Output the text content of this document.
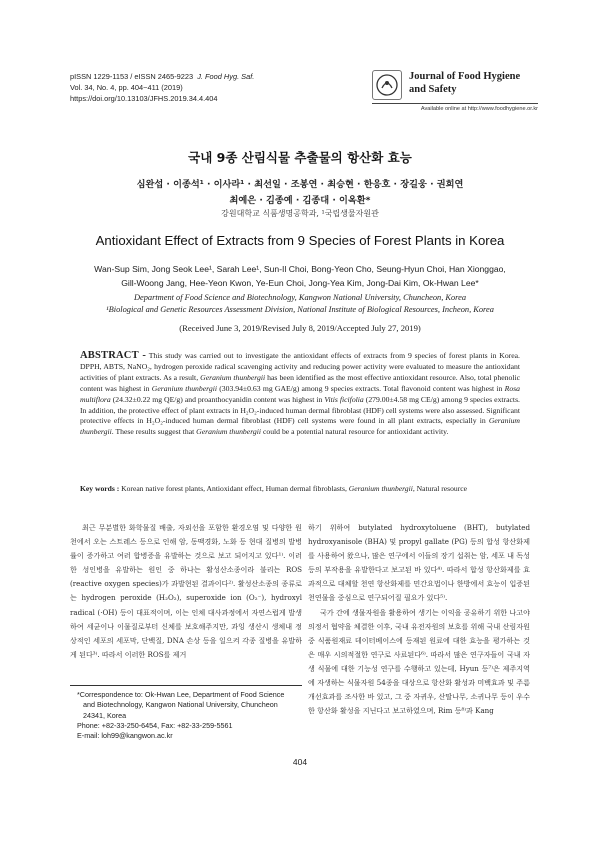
pISSN 1229-1153 / eISSN 2465-9223 J. Food Hyg. Saf.
Vol. 34, No. 4, pp. 404~411 (2019)
https://doi.org/10.13103/JFHS.2019.34.4.404
Journal of Food Hygiene
and Safety
Available online at http://www.foodhygiene.or.kr
국내 9종 산림식물 추출물의 항산화 효능
심완섭 · 이종석¹ · 이사라¹ · 최선일 · 조봉연 · 최승현 · 한응호 · 장길웅 · 권희연
최예은 · 김종예 · 김종대 · 이옥환*
강원대학교 식품생명공학과, ¹국립생물자원관
Antioxidant Effect of Extracts from 9 Species of Forest Plants in Korea
Wan-Sup Sim, Jong Seok Lee¹, Sarah Lee¹, Sun-Il Choi, Bong-Yeon Cho, Seung-Hyun Choi, Han Xionggao,
Gill-Woong Jang, Hee-Yeon Kwon, Ye-Eun Choi, Jong-Yea Kim, Jong-Dai Kim, Ok-Hwan Lee*
Department of Food Science and Biotechnology, Kangwon National University, Chuncheon, Korea
¹Biological and Genetic Resources Assessment Division, National Institute of Biological Resources, Incheon, Korea
(Received June 3, 2019/Revised July 8, 2019/Accepted July 27, 2019)
ABSTRACT - This study was carried out to investigate the antioxidant effects of extracts from 9 species of forest plants in Korea. DPPH, ABTS, NaNO₂, hydrogen peroxide radical scavenging activity and reducing power activity were evaluated to measure the antioxidant activities of plant extracts. As a result, Geranium thunbergii has been identified as the most effective antioxidant resource. Also, total phenolic content was highest in Geranium thunbergii (303.94±0.63 mg GAE/g) among 9 species extracts. Total flavonoid content was highest in Rosa multiflora (24.32±0.22 mg QE/g) and proanthocyanidin content was highest in Vitis ficifolia (279.00±4.58 mg CE/g) among 9 species extracts. In addition, the protective effect of plant extracts in H₂O₂-induced human dermal fibroblast (HDF) cell systems were also assessed. Significant protective effects in H₂O₂-induced human dermal fibroblast (HDF) cell systems were found in all plant extracts, especially in Geranium thunbergii. These results suggest that Geranium thunbergii could be a potential natural resource for antioxidant activity.
Key words : Korean native forest plants, Antioxidant effect, Human dermal fibroblasts, Geranium thunbergii, Natural resource

최근 무분별한 화학물질 배출, 자외선을 포함한 환경오염 및 다양한 원천에서 오는 스트레스 등으로 인해 암, 동맥경화, 노화 등 현대 질병의 발병률이 증가하고 여러 합병증을 유발하는 것으로 보고 되어지고 있다¹⁾. 이러한 성인병을 유발하는 원인 중 하나는 활성산소종이라 불리는 ROS (reactive oxygen species)가 과발현된 결과이다²⁾. 활성산소종의 종류로는 hydrogen peroxide (H₂O₂), superoxide ion (O₂⁻), hydroxyl radical (·OH) 등이 대표적이며, 이는 인체 대사과정에서 자연스럽게 발생하여 세균이나 이물질로부터 신체를 보호해주지만, 과잉 생산시 생체내 정상적인 세포의 세포막, 단백질, DNA 손상 등을 일으켜 각종 질병을 유발하게 된다³⁾. 따라서 이러한 ROS를 제거

하기 위하여 butylated hydroxytoluene (BHT), butylated hydroxyanisole (BHA) 및 propyl gallate (PG) 등의 합성 항산화제를 사용하여 왔으나, 많은 연구에서 이들의 장기 섭취는 암, 세포 내 독성 등의 부작용을 유발한다고 보고된 바 있다⁴⁾. 따라서 합성 항산화제를 효과적으로 대체할 천연 항산화제를 민간요법이나 한방에서 효능이 입증된 천연물을 중심으로 연구되어질 필요가 있다⁵⁾.

국가 간에 생물자원을 활용하여 생기는 이익을 공유하기 위한 나고야의정서 협약을 체결한 이후, 국내 유전자원의 보호를 위해 국내 산림자원 중 식품원재료 데이터베이스에 등재된 원료에 대한 효능을 평가하는 것은 매우 시의적절한 연구로 사료된다⁶⁾. 따라서 많은 연구자들이 국내 자생 식물에 대한 기능성 연구를 수행하고 있는데, Hyun 등⁷⁾은 제주지역에 자생하는 식물자원 54종을 대상으로 항산화 활성과 미백효과 및 주름개선효과를 조사한 바 있고, 그 중 자귀우, 산딸나무, 소귀나무 등이 우수한 항산화 활성을 지닌다고 보고하였으며, Rim 등⁸⁾과 Kang

*Correspondence to: Ok-Hwan Lee, Department of Food Science
and Biotechnology, Kangwon National University, Chuncheon
24341, Korea
Phone: +82-33-250-6454, Fax: +82-33-259-5561
E-mail: loh99@kangwon.ac.kr
404
